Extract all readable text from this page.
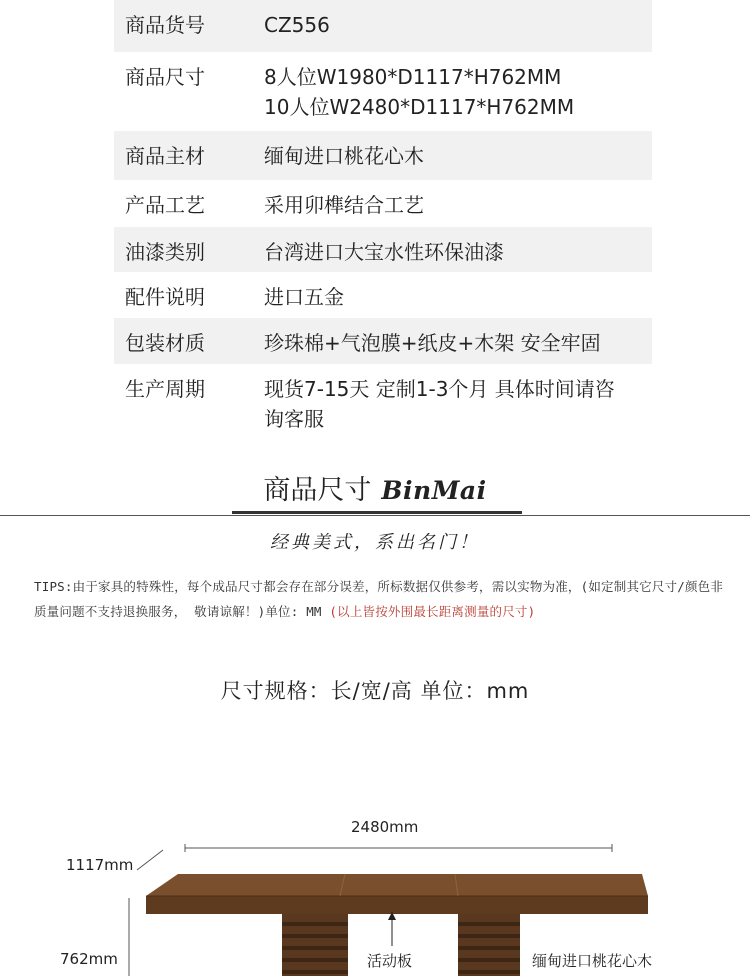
商品货号	CZ556
商品尺寸	8人位W1980*D1117*H762MM
10人位W2480*D1117*H762MM
商品主材	缅甸进口桃花心木
产品工艺	采用卯榫结合工艺
油漆类别	台湾进口大宝水性环保油漆
配件说明	进口五金
包装材质	珍珠棉+气泡膜+纸皮+木架 安全牢固
生产周期	现货7-15天 定制1-3个月 具体时间请咨
询客服
商品尺寸 BinMai
经典美式，系出名门！
TIPS:由于家具的特殊性，每个成品尺寸都会存在部分误差，所标数据仅供参考，需以实物为准，(如定制其它尺寸/颜色非质量问题不支持退换服务， 敬请谅解！)单位: MM (以上皆按外围最长距离测量的尺寸)
尺寸规格：长/宽/高 单位：mm
2480mm
1117mm
762mm	活动板	缅甸进口桃花心木
